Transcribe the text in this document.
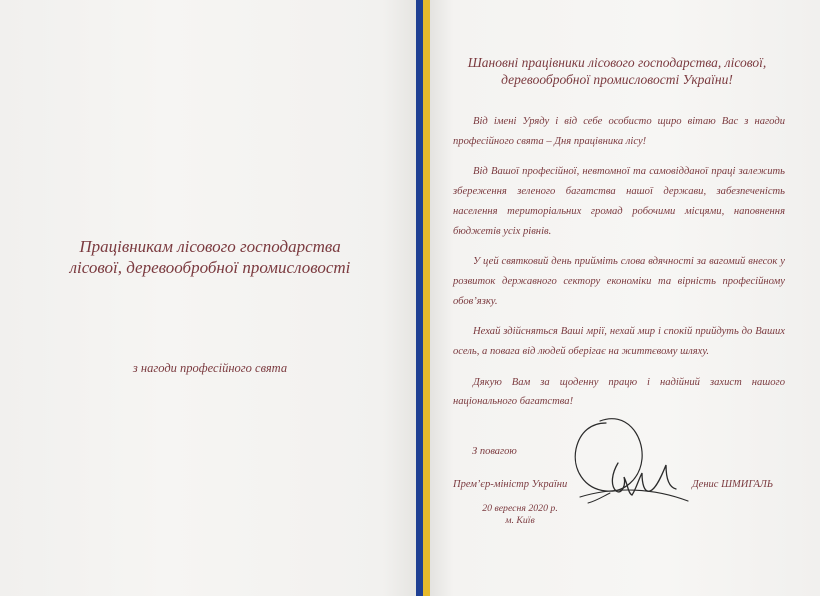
Працівникам лісового господарства
лісової, деревообробної промисловості
з нагоди професійного свята
Шановні працівники лісового господарства, лісової,
деревообробної промисловості України!

Від імені Уряду і від себе особисто щиро вітаю Вас з нагоди професійного свята – Дня працівника лісу!

Від Вашої професійної, невтомної та самовідданої праці залежить збереження зеленого багатства нашої держави, забезпеченість населення територіальних громад робочими місцями, наповнення бюджетів усіх рівнів.

У цей святковий день прийміть слова вдячності за вагомий внесок у розвиток державного сектору економіки та вірність професійному обов’язку.

Нехай здійсняться Ваші мрії, нехай мир і спокій прийдуть до Ваших осель, а повага від людей оберігає на життєвому шляху.

Дякую Вам за щоденну працю і надійний захист нашого національного багатства!

З повагою
Прем’єр-міністр України	Денис ШМИГАЛЬ
20 вересня 2020 р.
м. Київ
